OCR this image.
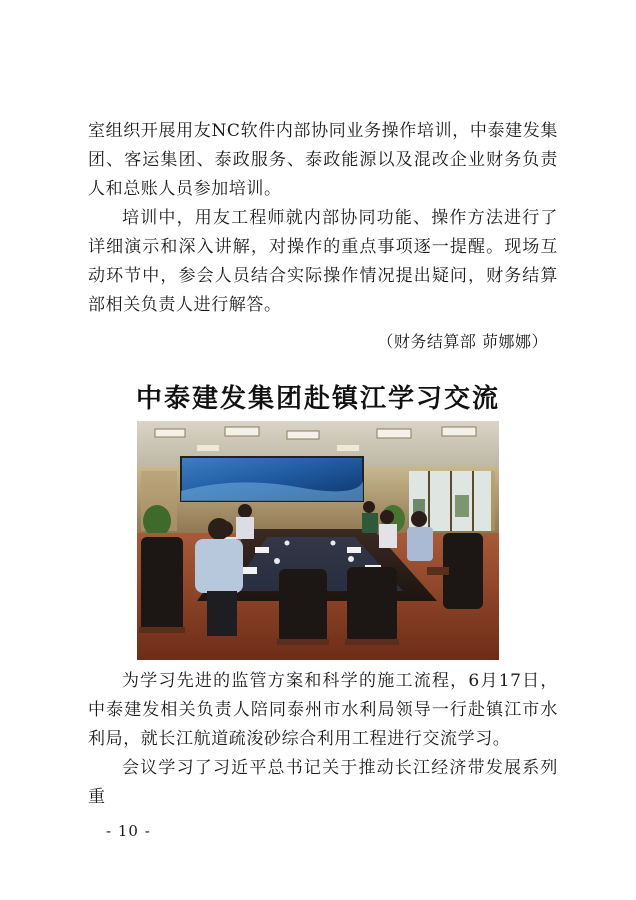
室组织开展用友NC软件内部协同业务操作培训，中泰建发集团、客运集团、泰政服务、泰政能源以及混改企业财务负责人和总账人员参加培训。

培训中，用友工程师就内部协同功能、操作方法进行了详细演示和深入讲解，对操作的重点事项逐一提醒。现场互动环节中，参会人员结合实际操作情况提出疑问，财务结算部相关负责人进行解答。

（财务结算部 茆娜娜）
中泰建发集团赴镇江学习交流

为学习先进的监管方案和科学的施工流程，6月17日，中泰建发相关负责人陪同泰州市水利局领导一行赴镇江市水利局，就长江航道疏浚砂综合利用工程进行交流学习。

会议学习了习近平总书记关于推动长江经济带发展系列重

- 10 -
